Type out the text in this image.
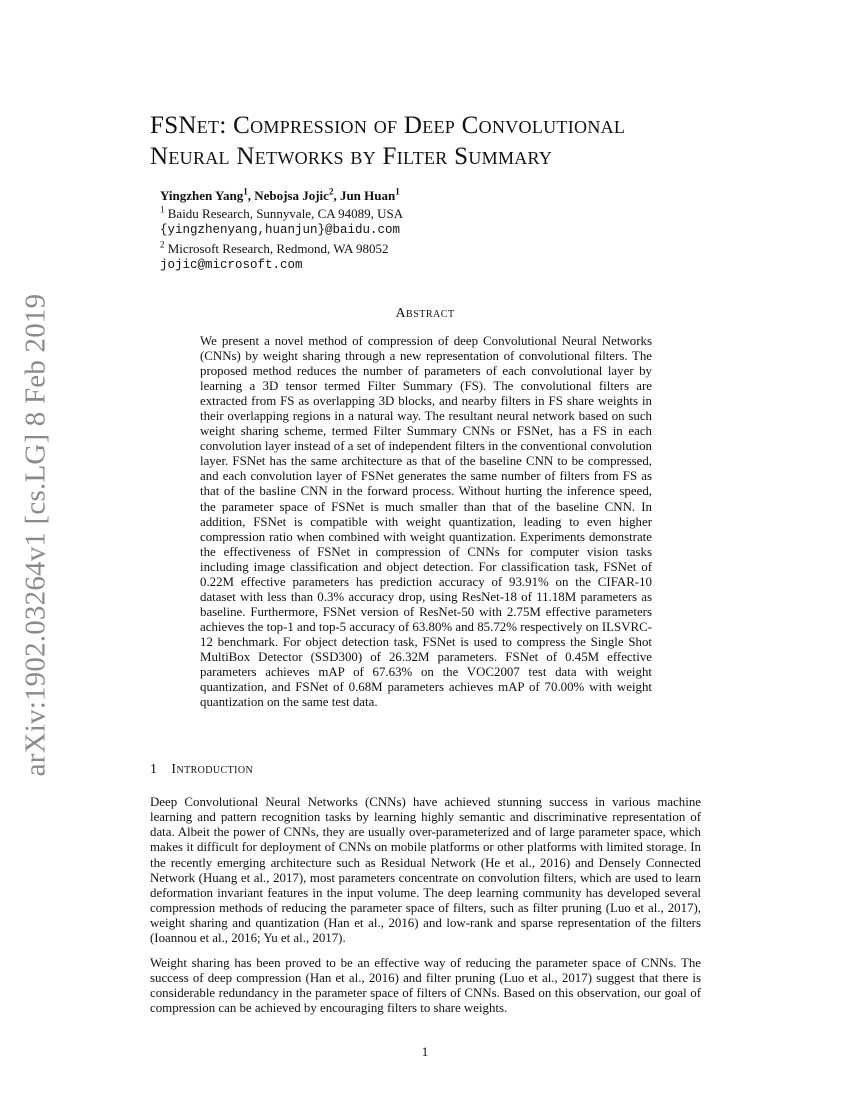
arXiv:1902.03264v1 [cs.LG] 8 Feb 2019
FSNet: Compression of Deep Convolutional
Neural Networks by Filter Summary
Yingzhen Yang$^1$, Nebojsa Jojic$^2$, Jun Huan$^1$
$^1$ Baidu Research, Sunnyvale, CA 94089, USA
{yingzhenyang,huanjun}@baidu.com
$^2$ Microsoft Research, Redmond, WA 98052
jojic@microsoft.com
Abstract

We present a novel method of compression of deep Convolutional Neural Networks (CNNs) by weight sharing through a new representation of convolutional filters. The proposed method reduces the number of parameters of each convolutional layer by learning a 3D tensor termed Filter Summary (FS). The convolutional filters are extracted from FS as overlapping 3D blocks, and nearby filters in FS share weights in their overlapping regions in a natural way. The resultant neural network based on such weight sharing scheme, termed Filter Summary CNNs or FSNet, has a FS in each convolution layer instead of a set of independent filters in the conventional convolution layer. FSNet has the same architecture as that of the baseline CNN to be compressed, and each convolution layer of FSNet generates the same number of filters from FS as that of the basline CNN in the forward process. Without hurting the inference speed, the parameter space of FSNet is much smaller than that of the baseline CNN. In addition, FSNet is compatible with weight quantization, leading to even higher compression ratio when combined with weight quantization. Experiments demonstrate the effectiveness of FSNet in compression of CNNs for computer vision tasks including image classification and object detection. For classification task, FSNet of 0.22M effective parameters has prediction accuracy of 93.91% on the CIFAR-10 dataset with less than 0.3% accuracy drop, using ResNet-18 of 11.18M parameters as baseline. Furthermore, FSNet version of ResNet-50 with 2.75M effective parameters achieves the top-1 and top-5 accuracy of 63.80% and 85.72% respectively on ILSVRC-12 benchmark. For object detection task, FSNet is used to compress the Single Shot MultiBox Detector (SSD300) of 26.32M parameters. FSNet of 0.45M effective parameters achieves mAP of 67.63% on the VOC2007 test data with weight quantization, and FSNet of 0.68M parameters achieves mAP of 70.00% with weight quantization on the same test data.

1 Introduction

Deep Convolutional Neural Networks (CNNs) have achieved stunning success in various machine learning and pattern recognition tasks by learning highly semantic and discriminative representation of data. Albeit the power of CNNs, they are usually over-parameterized and of large parameter space, which makes it difficult for deployment of CNNs on mobile platforms or other platforms with limited storage. In the recently emerging architecture such as Residual Network (He et al., 2016) and Densely Connected Network (Huang et al., 2017), most parameters concentrate on convolution filters, which are used to learn deformation invariant features in the input volume. The deep learning community has developed several compression methods of reducing the parameter space of filters, such as filter pruning (Luo et al., 2017), weight sharing and quantization (Han et al., 2016) and low-rank and sparse representation of the filters (Ioannou et al., 2016; Yu et al., 2017).

Weight sharing has been proved to be an effective way of reducing the parameter space of CNNs. The success of deep compression (Han et al., 2016) and filter pruning (Luo et al., 2017) suggest that there is considerable redundancy in the parameter space of filters of CNNs. Based on this observation, our goal of compression can be achieved by encouraging filters to share weights.

1
